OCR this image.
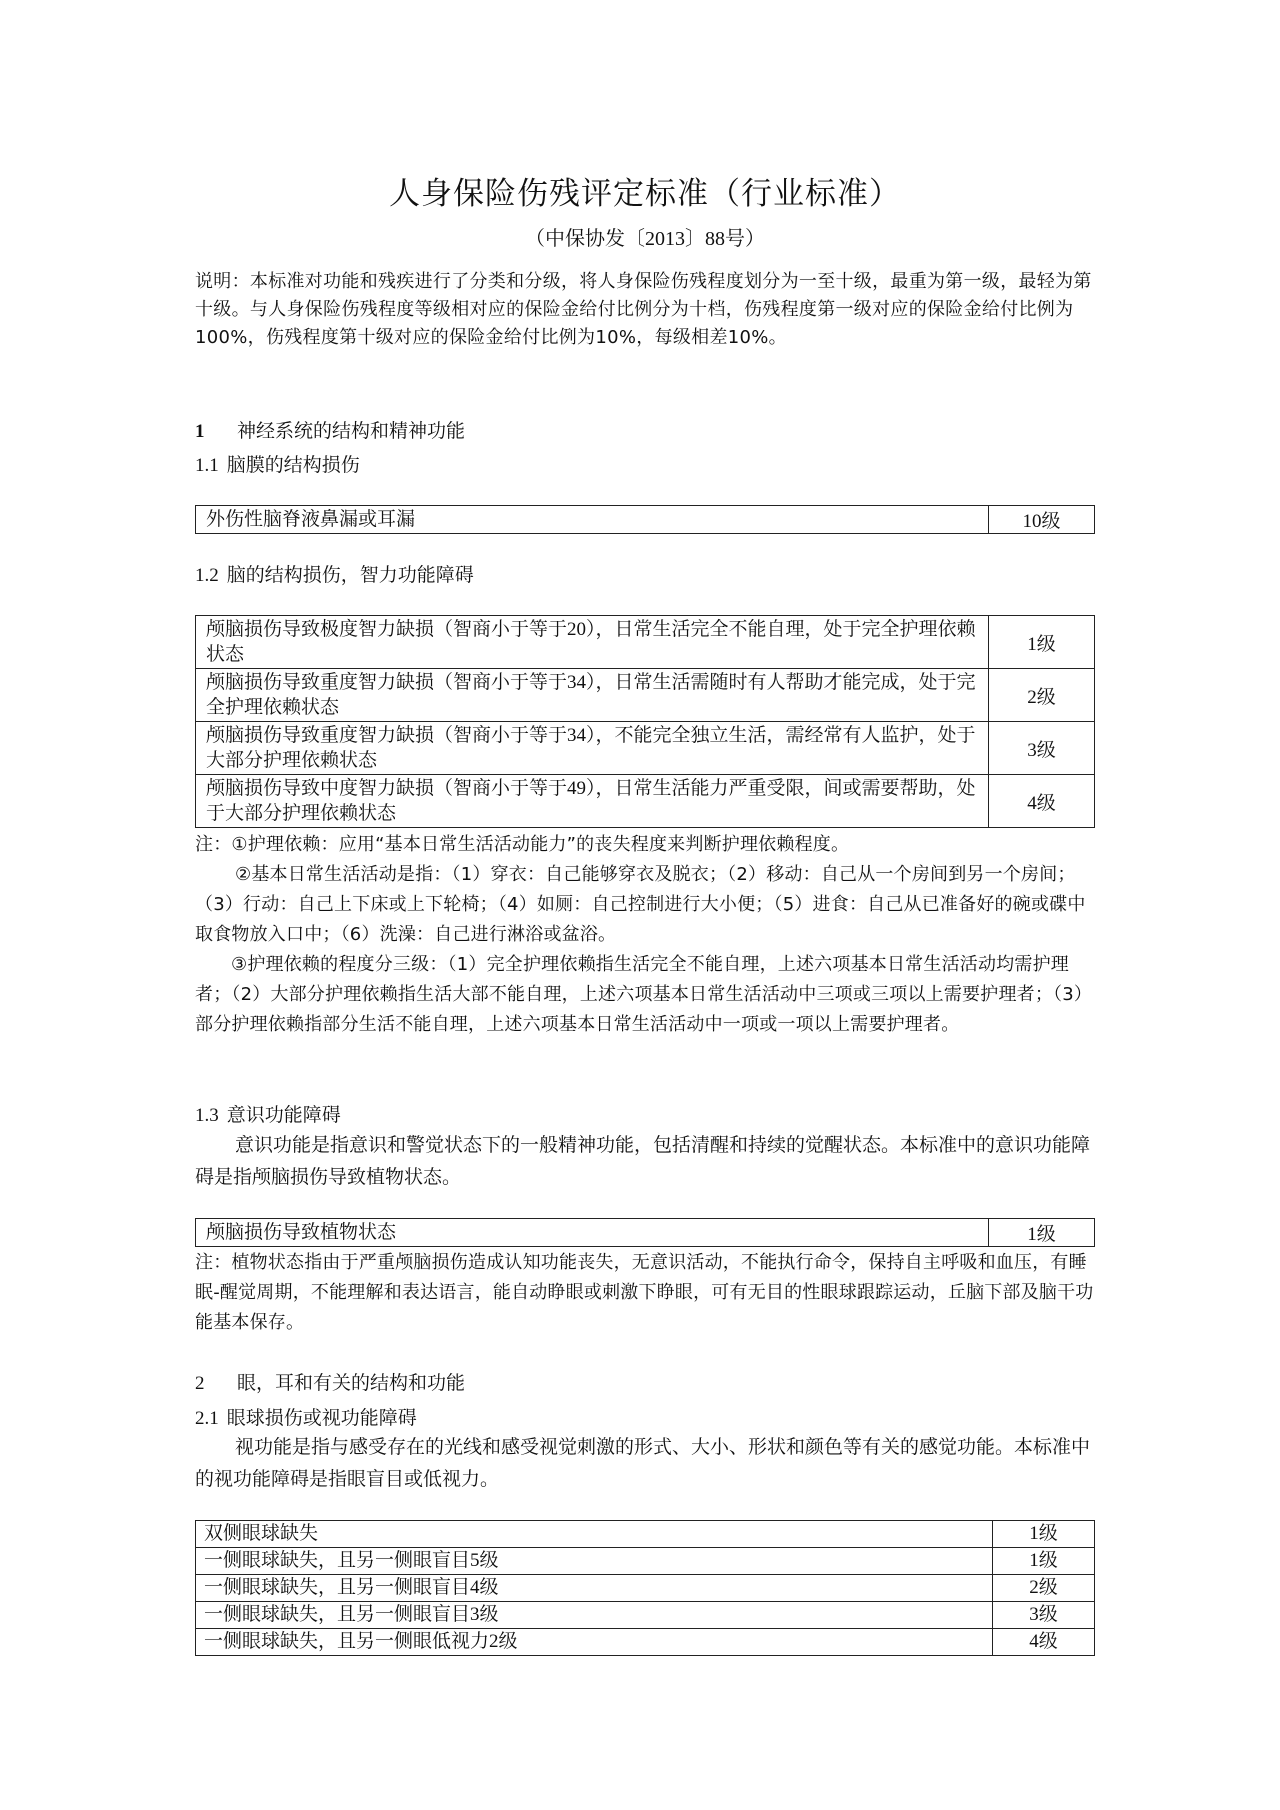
人身保险伤残评定标准（行业标准）
（中保协发〔2013〕88号）
说明：本标准对功能和残疾进行了分类和分级，将人身保险伤残程度划分为一至十级，最重为第一级，最轻为第十级。与人身保险伤残程度等级相对应的保险金给付比例分为十档，伤残程度第一级对应的保险金给付比例为100%，伤残程度第十级对应的保险金给付比例为10%，每级相差10%。
1 神经系统的结构和精神功能
1.1 脑膜的结构损伤
外伤性脑脊液鼻漏或耳漏	10级
1.2 脑的结构损伤，智力功能障碍
颅脑损伤导致极度智力缺损（智商小于等于20），日常生活完全不能自理，处于完全护理依赖状态	1级
颅脑损伤导致重度智力缺损（智商小于等于34），日常生活需随时有人帮助才能完成，处于完全护理依赖状态	2级
颅脑损伤导致重度智力缺损（智商小于等于34），不能完全独立生活，需经常有人监护，处于大部分护理依赖状态	3级
颅脑损伤导致中度智力缺损（智商小于等于49），日常生活能力严重受限，间或需要帮助，处于大部分护理依赖状态	4级

注：①护理依赖：应用“基本日常生活活动能力”的丧失程度来判断护理依赖程度。

②基本日常生活活动是指：（1）穿衣：自己能够穿衣及脱衣；（2）移动：自己从一个房间到另一个房间；（3）行动：自己上下床或上下轮椅；（4）如厕：自己控制进行大小便；（5）进食：自己从已准备好的碗或碟中取食物放入口中；（6）洗澡：自己进行淋浴或盆浴。

③护理依赖的程度分三级：（1）完全护理依赖指生活完全不能自理，上述六项基本日常生活活动均需护理者；（2）大部分护理依赖指生活大部不能自理，上述六项基本日常生活活动中三项或三项以上需要护理者；（3）部分护理依赖指部分生活不能自理，上述六项基本日常生活活动中一项或一项以上需要护理者。

1.3 意识功能障碍
意识功能是指意识和警觉状态下的一般精神功能，包括清醒和持续的觉醒状态。本标准中的意识功能障碍是指颅脑损伤导致植物状态。
颅脑损伤导致植物状态	1级
注：植物状态指由于严重颅脑损伤造成认知功能丧失，无意识活动，不能执行命令，保持自主呼吸和血压，有睡眠-醒觉周期，不能理解和表达语言，能自动睁眼或刺激下睁眼，可有无目的性眼球跟踪运动，丘脑下部及脑干功能基本保存。
2 眼，耳和有关的结构和功能
2.1 眼球损伤或视功能障碍
视功能是指与感受存在的光线和感受视觉刺激的形式、大小、形状和颜色等有关的感觉功能。本标准中的视功能障碍是指眼盲目或低视力。
双侧眼球缺失	1级
一侧眼球缺失，且另一侧眼盲目5级	1级
一侧眼球缺失，且另一侧眼盲目4级	2级
一侧眼球缺失，且另一侧眼盲目3级	3级
一侧眼球缺失，且另一侧眼低视力2级	4级
